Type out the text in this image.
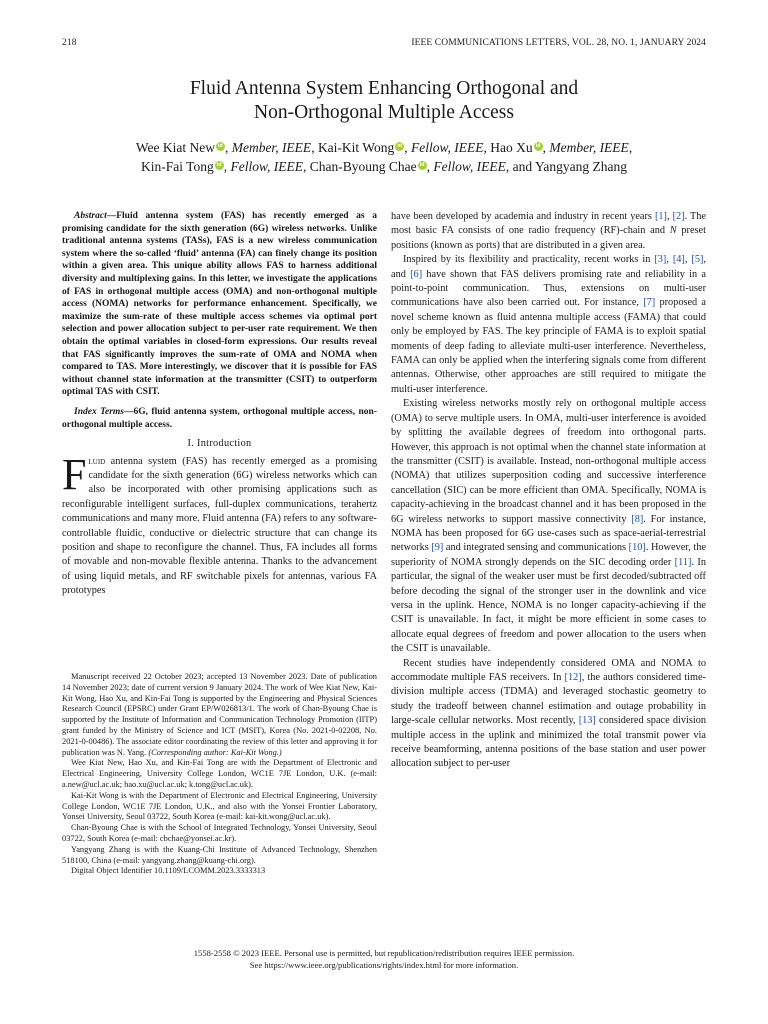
218	IEEE COMMUNICATIONS LETTERS, VOL. 28, NO. 1, JANUARY 2024
Fluid Antenna System Enhancing Orthogonal and
Non-Orthogonal Multiple Access
Wee Kiat New id , Member, IEEE, Kai-Kit Wong id , Fellow, IEEE, Hao Xu id , Member, IEEE,
Kin-Fai Tong id , Fellow, IEEE, Chan-Byoung Chae id , Fellow, IEEE, and Yangyang Zhang
Abstract—Fluid antenna system (FAS) has recently emerged as a promising candidate for the sixth generation (6G) wireless networks. Unlike traditional antenna systems (TASs), FAS is a new wireless communication system where the so-called ‘fluid’ antenna (FA) can finely change its position within a given area. This unique ability allows FAS to harness additional diversity and multiplexing gains. In this letter, we investigate the applications of FAS in orthogonal multiple access (OMA) and non-orthogonal multiple access (NOMA) networks for performance enhancement. Specifically, we maximize the sum-rate of these multiple access schemes via optimal port selection and power allocation subject to per-user rate requirement. We then obtain the optimal variables in closed-form expressions. Our results reveal that FAS significantly improves the sum-rate of OMA and NOMA when compared to TAS. More interestingly, we discover that it is possible for FAS without channel state information at the transmitter (CSIT) to outperform optimal TAS with CSIT.
Index Terms—6G, fluid antenna system, orthogonal multiple access, non-orthogonal multiple access.
I. Introduction

Fluid antenna system (FAS) has recently emerged as a promising candidate for the sixth generation (6G) wireless networks which can also be incorporated with other promising applications such as reconfigurable intelligent surfaces, full-duplex communications, terahertz communications and many more. Fluid antenna (FA) refers to any software-controllable fluidic, conductive or dielectric structure that can change its position and shape to reconfigure the channel. Thus, FA includes all forms of movable and non-movable flexible antenna. Thanks to the advancement of using liquid metals, and RF switchable pixels for antennas, various FA prototypes

Manuscript received 22 October 2023; accepted 13 November 2023. Date of publication 14 November 2023; date of current version 9 January 2024. The work of Wee Kiat New, Kai-Kit Wong, Hao Xu, and Kin-Fai Tong is supported by the Engineering and Physical Sciences Research Council (EPSRC) under Grant EP/W026813/1. The work of Chan-Byoung Chae is supported by the Institute of Information and Communication Technology Promotion (IITP) grant funded by the Ministry of Science and ICT (MSIT), Korea (No. 2021-0-02208, No. 2021-0-00486). The associate editor coordinating the review of this letter and approving it for publication was N. Yang. (Corresponding author: Kai-Kit Wong.)

Wee Kiat New, Hao Xu, and Kin-Fai Tong are with the Department of Electronic and Electrical Engineering, University College London, WC1E 7JE London, U.K. (e-mail: a.new@ucl.ac.uk; hao.xu@ucl.ac.uk; k.tong@ucl.ac.uk).

Kai-Kit Wong is with the Department of Electronic and Electrical Engineering, University College London, WC1E 7JE London, U.K., and also with the Yonsei Frontier Laboratory, Yonsei University, Seoul 03722, South Korea (e-mail: kai-kit.wong@ucl.ac.uk).

Chan-Byoung Chae is with the School of Integrated Technology, Yonsei University, Seoul 03722, South Korea (e-mail: cbchae@yonsei.ac.kr).

Yangyang Zhang is with the Kuang-Chi Institute of Advanced Technology, Shenzhen 518100, China (e-mail: yangyang.zhang@kuang-chi.org).

Digital Object Identifier 10.1109/LCOMM.2023.3333313

have been developed by academia and industry in recent years [1], [2]. The most basic FA consists of one radio frequency (RF)-chain and N preset positions (known as ports) that are distributed in a given area.

Inspired by its flexibility and practicality, recent works in [3], [4], [5], and [6] have shown that FAS delivers promising rate and reliability in a point-to-point communication. Thus, extensions on multi-user communications have also been carried out. For instance, [7] proposed a novel scheme known as fluid antenna multiple access (FAMA) that could only be employed by FAS. The key principle of FAMA is to exploit spatial moments of deep fading to alleviate multi-user interference. Nevertheless, FAMA can only be applied when the interfering signals come from different antennas. Otherwise, other approaches are still required to mitigate the multi-user interference.

Existing wireless networks mostly rely on orthogonal multiple access (OMA) to serve multiple users. In OMA, multi-user interference is avoided by splitting the available degrees of freedom into orthogonal parts. However, this approach is not optimal when the channel state information at the transmitter (CSIT) is available. Instead, non-orthogonal multiple access (NOMA) that utilizes superposition coding and successive interference cancellation (SIC) can be more efficient than OMA. Specifically, NOMA is capacity-achieving in the broadcast channel and it has been proposed in the 6G wireless networks to support massive connectivity [8]. For instance, NOMA has been proposed for 6G use-cases such as space-aerial-terrestrial networks [9] and integrated sensing and communications [10]. However, the superiority of NOMA strongly depends on the SIC decoding order [11]. In particular, the signal of the weaker user must be first decoded/subtracted off before decoding the signal of the stronger user in the downlink and vice versa in the uplink. Hence, NOMA is no longer capacity-achieving if the CSIT is unavailable. In fact, it might be more efficient in some cases to allocate equal degrees of freedom and power allocation to the users when the CSIT is unavailable.

Recent studies have independently considered OMA and NOMA to accommodate multiple FAS receivers. In [12], the authors considered time-division multiple access (TDMA) and leveraged stochastic geometry to study the tradeoff between channel estimation and outage probability in large-scale cellular networks. Most recently, [13] considered space division multiple access in the uplink and minimized the total transmit power via receive beamforming, antenna positions of the base station and user power allocation subject to per-user

1558-2558 © 2023 IEEE. Personal use is permitted, but republication/redistribution requires IEEE permission.
See https://www.ieee.org/publications/rights/index.html for more information.
